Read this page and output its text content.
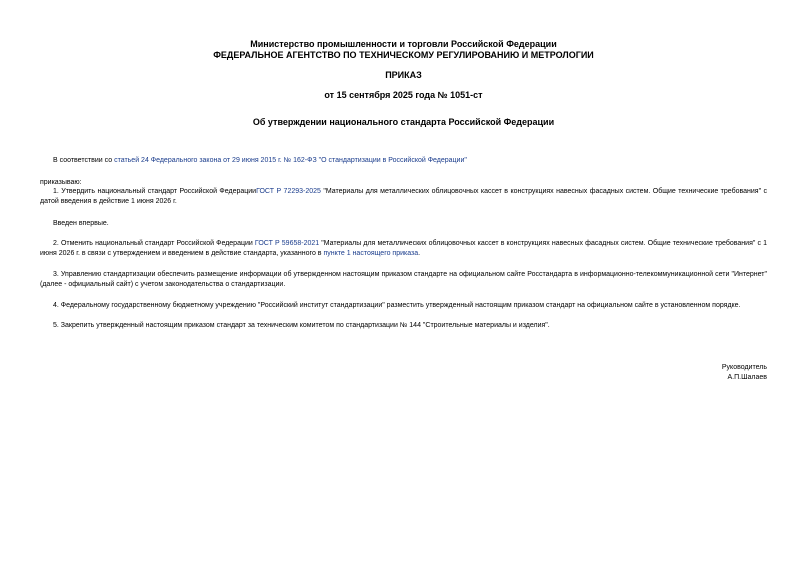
Министерство промышленности и торговли Российской Федерации
ФЕДЕРАЛЬНОЕ АГЕНТСТВО ПО ТЕХНИЧЕСКОМУ РЕГУЛИРОВАНИЮ И МЕТРОЛОГИИ
ПРИКАЗ
от 15 сентября 2025 года № 1051-ст
Об утверждении национального стандарта Российской Федерации
В соответствии со статьей 24 Федерального закона от 29 июня 2015 г. № 162-ФЗ "О стандартизации в Российской Федерации"
приказываю:
1. Утвердить национальный стандарт Российской ФедерацииГОСТ Р 72293-2025 "Материалы для металлических облицовочных кассет в конструкциях навесных фасадных систем. Общие технические требования" с датой введения в действие 1 июня 2026 г.
Введен впервые.
2. Отменить национальный стандарт Российской Федерации ГОСТ Р 59658-2021 "Материалы для металлических облицовочных кассет в конструкциях навесных фасадных систем. Общие технические требования" с 1 июня 2026 г. в связи с утверждением и введением в действие стандарта, указанного в пункте 1 настоящего приказа.
3. Управлению стандартизации обеспечить размещение информации об утвержденном настоящим приказом стандарте на официальном сайте Росстандарта в информационно-телекоммуникационной сети "Интернет" (далее - официальный сайт) с учетом законодательства о стандартизации.
4. Федеральному государственному бюджетному учреждению "Российский институт стандартизации" разместить утвержденный настоящим приказом стандарт на официальном сайте в установленном порядке.
5. Закрепить утвержденный настоящим приказом стандарт за техническим комитетом по стандартизации № 144 "Строительные материалы и изделия".
Руководитель
А.П.Шалаев
